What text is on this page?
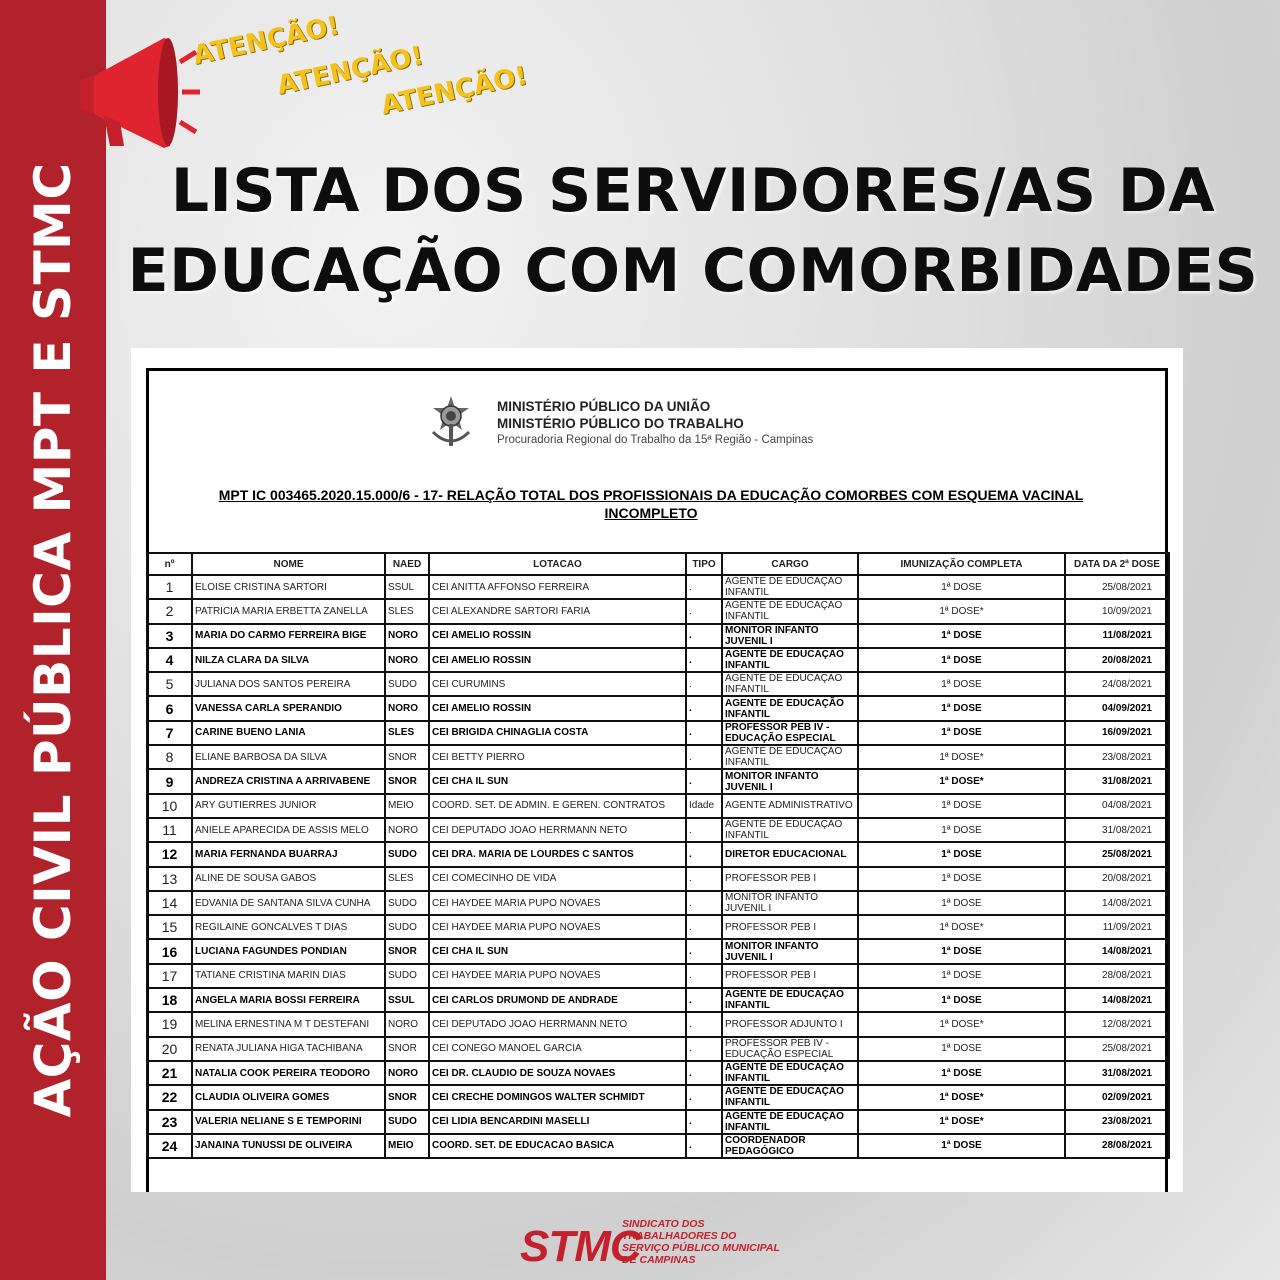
AÇÃO CIVIL PÚBLICA MPT E STMC
ATENÇÃO!
ATENÇÃO!
ATENÇÃO!
LISTA DOS SERVIDORES/AS DA
EDUCAÇÃO COM COMORBIDADES
MINISTÉRIO PÚBLICO DA UNIÃO
MINISTÉRIO PÚBLICO DO TRABALHO
Procuradoria Regional do Trabalho da 15ª Região - Campinas
MPT IC 003465.2020.15.000/6 - 17- RELAÇÃO TOTAL DOS PROFISSIONAIS DA EDUCAÇÃO COMORBES COM ESQUEMA VACINAL
INCOMPLETO
nº	NOME	NAED	LOTACAO	TIPO	CARGO	IMUNIZAÇÃO COMPLETA	DATA DA 2ª DOSE
1	ELOISE CRISTINA SARTORI	SSUL	CEI ANITTA AFFONSO FERREIRA	.	AGENTE DE EDUCAÇÃO INFANTIL	1ª DOSE	25/08/2021
2	PATRICIA MARIA ERBETTA ZANELLA	SLES	CEI ALEXANDRE SARTORI FARIA	.	AGENTE DE EDUCAÇÃO INFANTIL	1ª DOSE*	10/09/2021
3	MARIA DO CARMO FERREIRA BIGE	NORO	CEI AMELIO ROSSIN	.	MONITOR INFANTO JUVENIL I	1ª DOSE	11/08/2021
4	NILZA CLARA DA SILVA	NORO	CEI AMELIO ROSSIN	.	AGENTE DE EDUCAÇÃO INFANTIL	1ª DOSE	20/08/2021
5	JULIANA DOS SANTOS PEREIRA	SUDO	CEI CURUMINS	.	AGENTE DE EDUCAÇÃO INFANTIL	1ª DOSE	24/08/2021
6	VANESSA CARLA SPERANDIO	NORO	CEI AMELIO ROSSIN	.	AGENTE DE EDUCAÇÃO INFANTIL	1ª DOSE	04/09/2021
7	CARINE BUENO LANIA	SLES	CEI BRIGIDA CHINAGLIA COSTA	.	PROFESSOR PEB IV - EDUCAÇÃO ESPECIAL	1ª DOSE	16/09/2021
8	ELIANE BARBOSA DA SILVA	SNOR	CEI BETTY PIERRO	.	AGENTE DE EDUCAÇÃO INFANTIL	1ª DOSE*	23/08/2021
9	ANDREZA CRISTINA A ARRIVABENE	SNOR	CEI CHA IL SUN	.	MONITOR INFANTO JUVENIL I	1ª DOSE*	31/08/2021
10	ARY GUTIERRES JUNIOR	MEIO	COORD. SET. DE ADMIN. E GEREN. CONTRATOS	Idade	AGENTE ADMINISTRATIVO	1ª DOSE	04/08/2021
11	ANIELE APARECIDA DE ASSIS MELO	NORO	CEI DEPUTADO JOAO HERRMANN NETO	.	AGENTE DE EDUCAÇÃO INFANTIL	1ª DOSE	31/08/2021
12	MARIA FERNANDA BUARRAJ	SUDO	CEI DRA. MARIA DE LOURDES C SANTOS	.	DIRETOR EDUCACIONAL	1ª DOSE	25/08/2021
13	ALINE DE SOUSA GABOS	SLES	CEI COMECINHO DE VIDA	.	PROFESSOR PEB I	1ª DOSE	20/08/2021
14	EDVANIA DE SANTANA SILVA CUNHA	SUDO	CEI HAYDEE MARIA PUPO NOVAES	.	MONITOR INFANTO JUVENIL I	1ª DOSE	14/08/2021
15	REGILAINE GONCALVES T DIAS	SUDO	CEI HAYDEE MARIA PUPO NOVAES	.	PROFESSOR PEB I	1ª DOSE*	11/09/2021
16	LUCIANA FAGUNDES PONDIAN	SNOR	CEI CHA IL SUN	.	MONITOR INFANTO JUVENIL I	1ª DOSE	14/08/2021
17	TATIANE CRISTINA MARIN DIAS	SUDO	CEI HAYDEE MARIA PUPO NOVAES	.	PROFESSOR PEB I	1ª DOSE	28/08/2021
18	ANGELA MARIA BOSSI FERREIRA	SSUL	CEI CARLOS DRUMOND DE ANDRADE	.	AGENTE DE EDUCAÇÃO INFANTIL	1ª DOSE	14/08/2021
19	MELINA ERNESTINA M T DESTEFANI	NORO	CEI DEPUTADO JOAO HERRMANN NETO	.	PROFESSOR ADJUNTO I	1ª DOSE*	12/08/2021
20	RENATA JULIANA HIGA TACHIBANA	SNOR	CEI CONEGO MANOEL GARCIA	.	PROFESSOR PEB IV - EDUCAÇÃO ESPECIAL	1ª DOSE	25/08/2021
21	NATALIA COOK PEREIRA TEODORO	NORO	CEI DR. CLAUDIO DE SOUZA NOVAES	.	AGENTE DE EDUCAÇÃO INFANTIL	1ª DOSE	31/08/2021
22	CLAUDIA OLIVEIRA GOMES	SNOR	CEI CRECHE DOMINGOS WALTER SCHMIDT	.	AGENTE DE EDUCAÇÃO INFANTIL	1ª DOSE*	02/09/2021
23	VALERIA NELIANE S E TEMPORINI	SUDO	CEI LIDIA BENCARDINI MASELLI	.	AGENTE DE EDUCAÇÃO INFANTIL	1ª DOSE*	23/08/2021
24	JANAINA TUNUSSI DE OLIVEIRA	MEIO	COORD. SET. DE EDUCACAO BASICA	.	COORDENADOR PEDAGÓGICO	1ª DOSE	28/08/2021
STMC
SINDICATO DOS
TRABALHADORES DO
SERVIÇO PÚBLICO MUNICIPAL
DE CAMPINAS
